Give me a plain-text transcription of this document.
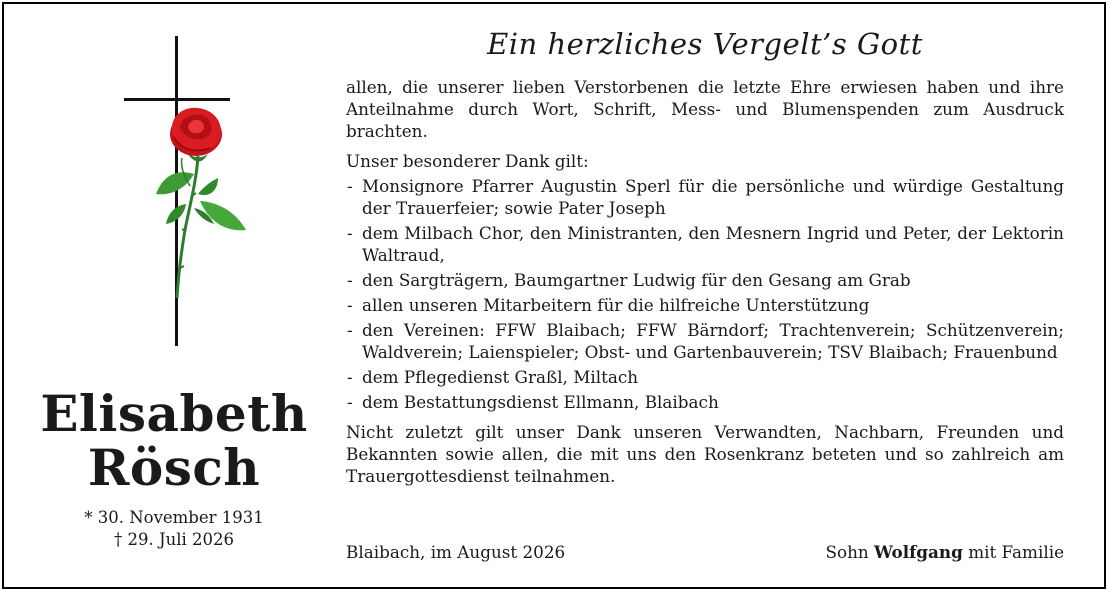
Elisabeth
Rösch
* 30. November 1931
† 29. Juli 2026
Ein herzliches Vergelt’s Gott

allen, die unserer lieben Verstorbenen die letzte Ehre erwiesen haben und ihre Anteilnahme durch Wort, Schrift, Mess- und Blumenspenden zum Ausdruck brachten.

Unser besonderer Dank gilt:

- Monsignore Pfarrer Augustin Sperl für die persönliche und würdige Gestaltung der Trauerfeier; sowie Pater Joseph
- dem Milbach Chor, den Ministranten, den Mesnern Ingrid und Peter, der Lektorin Waltraud,
- den Sargträgern, Baumgartner Ludwig für den Gesang am Grab
- allen unseren Mitarbeitern für die hilfreiche Unterstützung
- den Vereinen: FFW Blaibach; FFW Bärndorf; Trachtenverein; Schützenverein; Waldverein; Laienspieler; Obst- und Gartenbauverein; TSV Blaibach; Frauenbund
- dem Pflegedienst Graßl, Miltach
- dem Bestattungsdienst Ellmann, Blaibach

Nicht zuletzt gilt unser Dank unseren Verwandten, Nachbarn, Freunden und Bekannten sowie allen, die mit uns den Rosenkranz beteten und so zahlreich am Trauergottesdienst teilnahmen.

Blaibach, im August 2026	Sohn Wolfgang mit Familie
